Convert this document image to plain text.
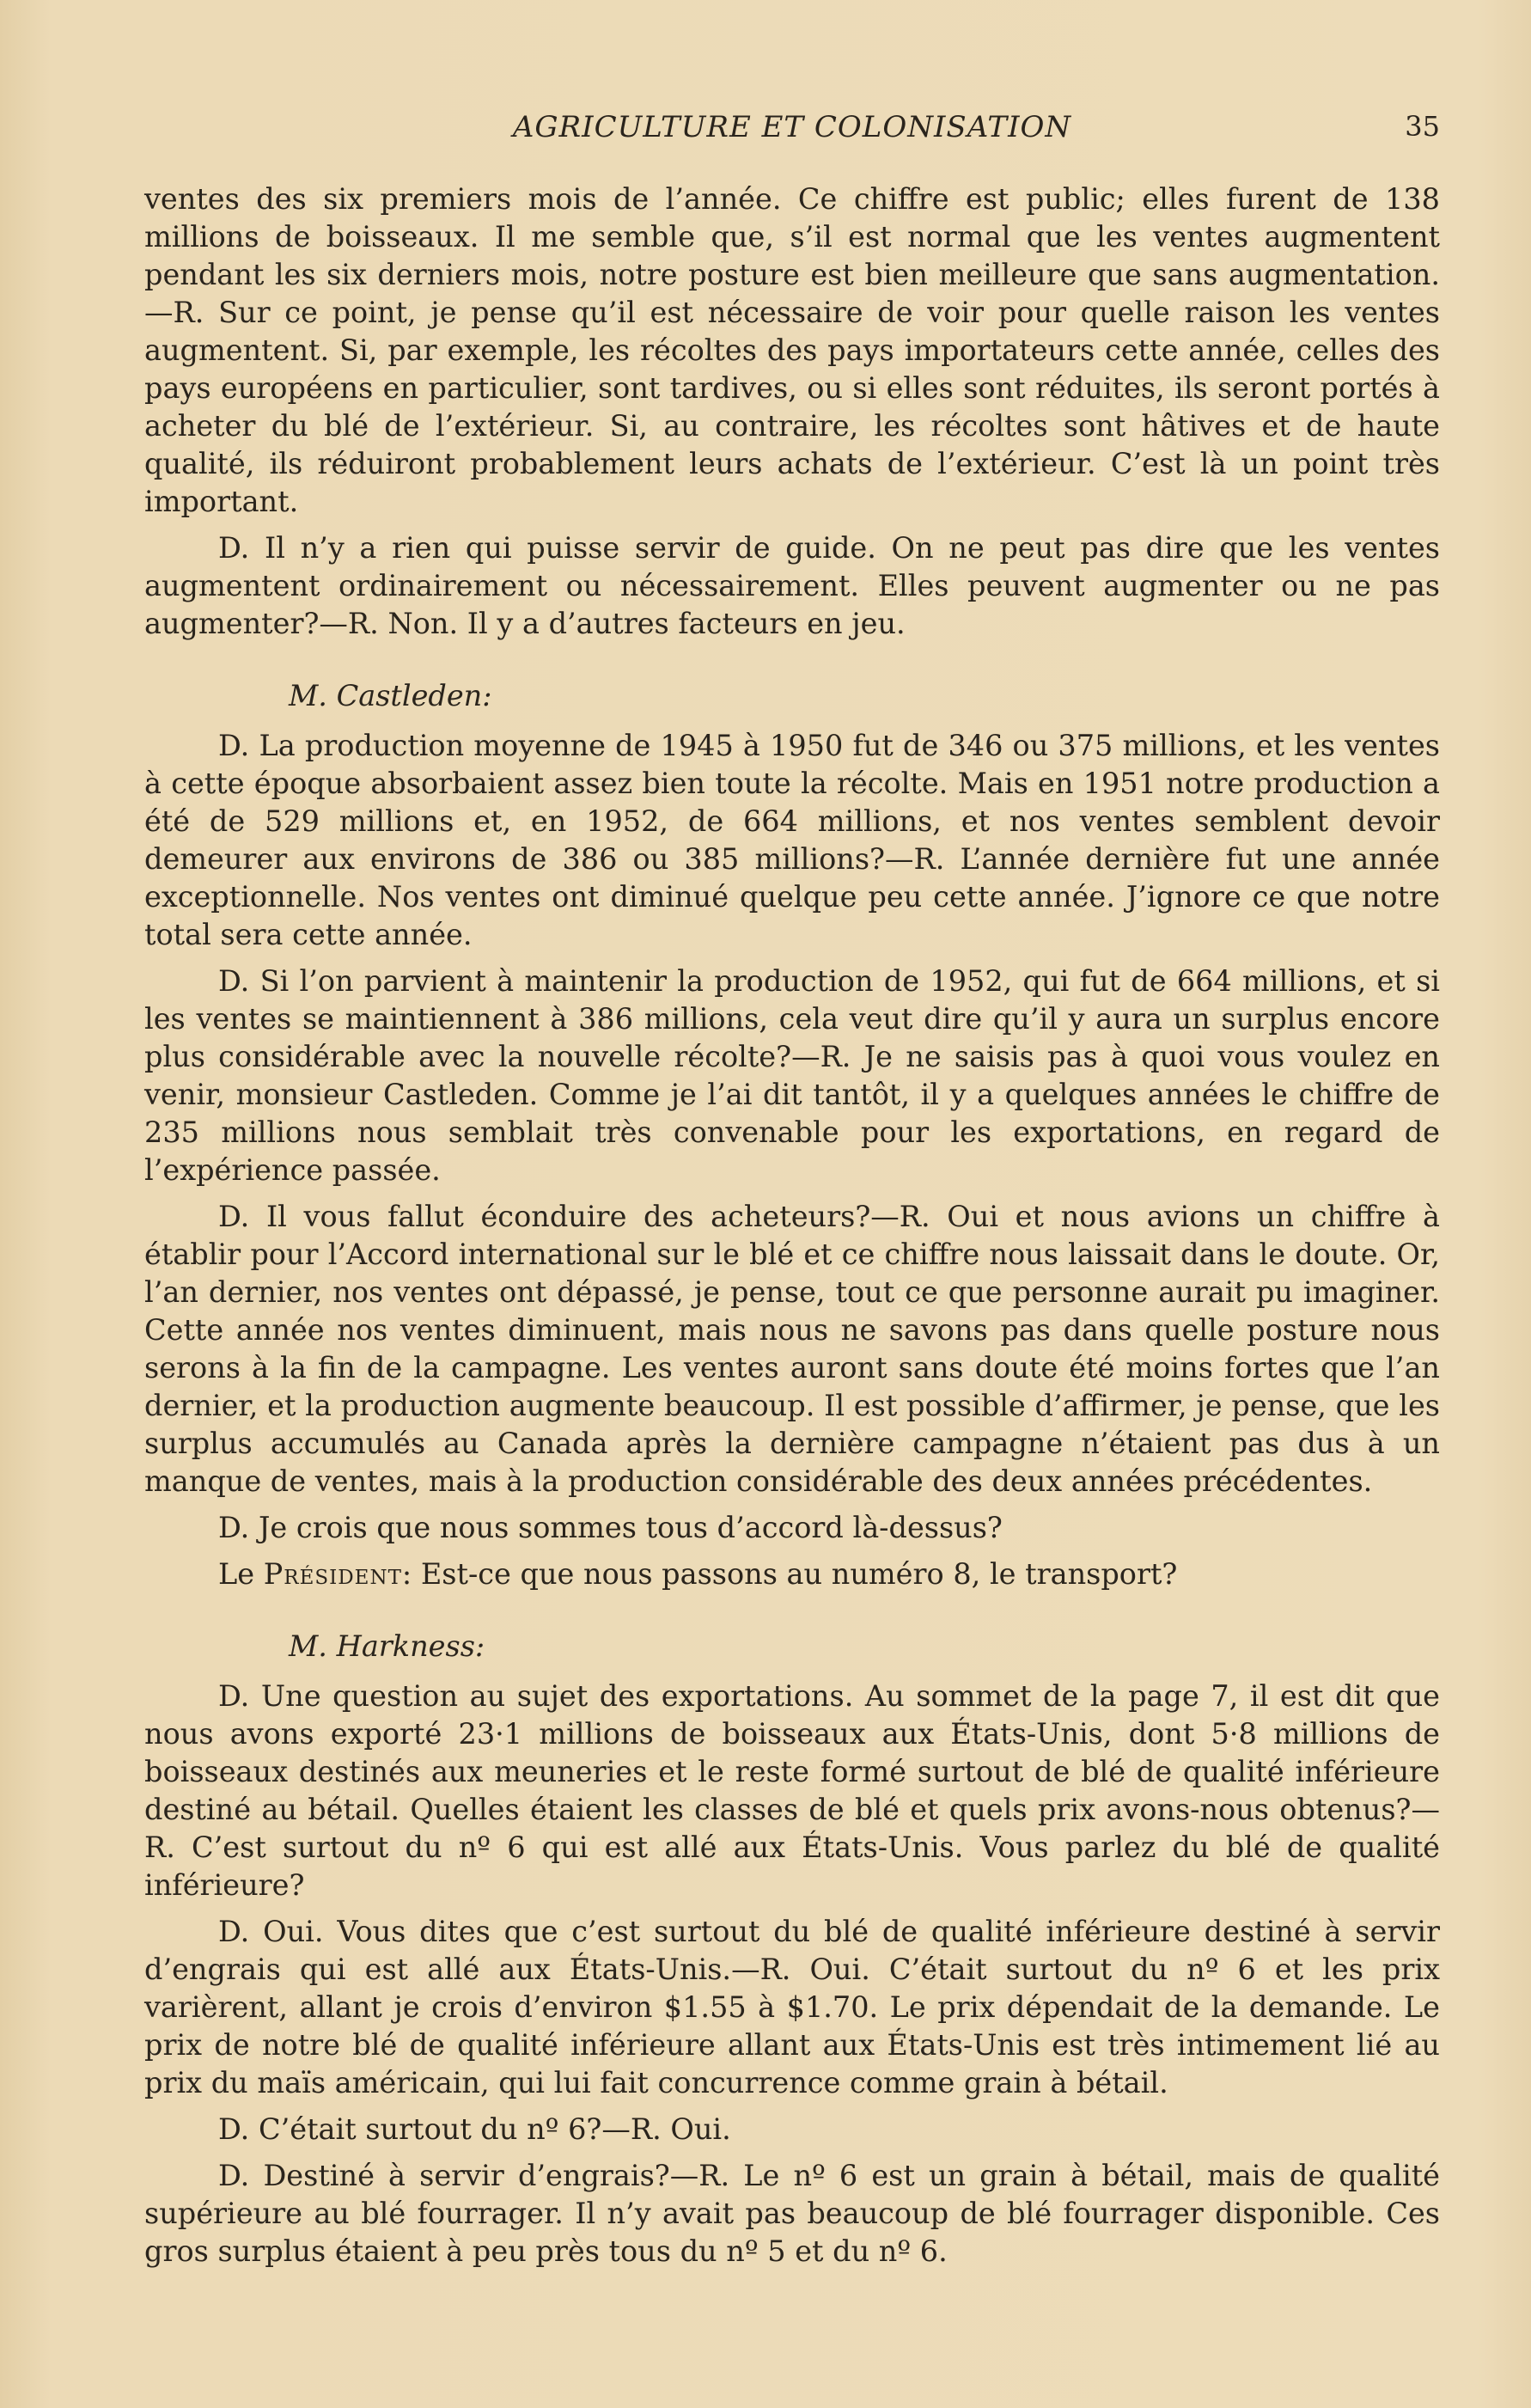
AGRICULTURE ET COLONISATION	35

ventes des six premiers mois de l’année. Ce chiffre est public; elles furent de 138 millions de boisseaux. Il me semble que, s’il est normal que les ventes augmentent pendant les six derniers mois, notre posture est bien meilleure que sans augmentation.—R. Sur ce point, je pense qu’il est nécessaire de voir pour quelle raison les ventes augmentent. Si, par exemple, les récoltes des pays importateurs cette année, celles des pays européens en particulier, sont tardives, ou si elles sont réduites, ils seront portés à acheter du blé de l’extérieur. Si, au contraire, les récoltes sont hâtives et de haute qualité, ils réduiront probablement leurs achats de l’extérieur. C’est là un point très important.

D. Il n’y a rien qui puisse servir de guide. On ne peut pas dire que les ventes augmentent ordinairement ou nécessairement. Elles peuvent augmenter ou ne pas augmenter?—R. Non. Il y a d’autres facteurs en jeu.

M. Castleden:

D. La production moyenne de 1945 à 1950 fut de 346 ou 375 millions, et les ventes à cette époque absorbaient assez bien toute la récolte. Mais en 1951 notre production a été de 529 millions et, en 1952, de 664 millions, et nos ventes semblent devoir demeurer aux environs de 386 ou 385 millions?—R. L’année dernière fut une année exceptionnelle. Nos ventes ont diminué quelque peu cette année. J’ignore ce que notre total sera cette année.

D. Si l’on parvient à maintenir la production de 1952, qui fut de 664 millions, et si les ventes se maintiennent à 386 millions, cela veut dire qu’il y aura un surplus encore plus considérable avec la nouvelle récolte?—R. Je ne saisis pas à quoi vous voulez en venir, monsieur Castleden. Comme je l’ai dit tantôt, il y a quelques années le chiffre de 235 millions nous semblait très convenable pour les exportations, en regard de l’expérience passée.

D. Il vous fallut éconduire des acheteurs?—R. Oui et nous avions un chiffre à établir pour l’Accord international sur le blé et ce chiffre nous laissait dans le doute. Or, l’an dernier, nos ventes ont dépassé, je pense, tout ce que personne aurait pu imaginer. Cette année nos ventes diminuent, mais nous ne savons pas dans quelle posture nous serons à la fin de la campagne. Les ventes auront sans doute été moins fortes que l’an dernier, et la production augmente beaucoup. Il est possible d’affirmer, je pense, que les surplus accumulés au Canada après la dernière campagne n’étaient pas dus à un manque de ventes, mais à la production considérable des deux années précédentes.

D. Je crois que nous sommes tous d’accord là-dessus?

Le Président: Est-ce que nous passons au numéro 8, le transport?

M. Harkness:

D. Une question au sujet des exportations. Au sommet de la page 7, il est dit que nous avons exporté 23·1 millions de boisseaux aux États-Unis, dont 5·8 millions de boisseaux destinés aux meuneries et le reste formé surtout de blé de qualité inférieure destiné au bétail. Quelles étaient les classes de blé et quels prix avons-nous obtenus?—R. C’est surtout du nº 6 qui est allé aux États-Unis. Vous parlez du blé de qualité inférieure?

D. Oui. Vous dites que c’est surtout du blé de qualité inférieure destiné à servir d’engrais qui est allé aux États-Unis.—R. Oui. C’était surtout du nº 6 et les prix varièrent, allant je crois d’environ $1.55 à $1.70. Le prix dépendait de la demande. Le prix de notre blé de qualité inférieure allant aux États-Unis est très intimement lié au prix du maïs américain, qui lui fait concurrence comme grain à bétail.

D. C’était surtout du nº 6?—R. Oui.

D. Destiné à servir d’engrais?—R. Le nº 6 est un grain à bétail, mais de qualité supérieure au blé fourrager. Il n’y avait pas beaucoup de blé fourrager disponible. Ces gros surplus étaient à peu près tous du nº 5 et du nº 6.
